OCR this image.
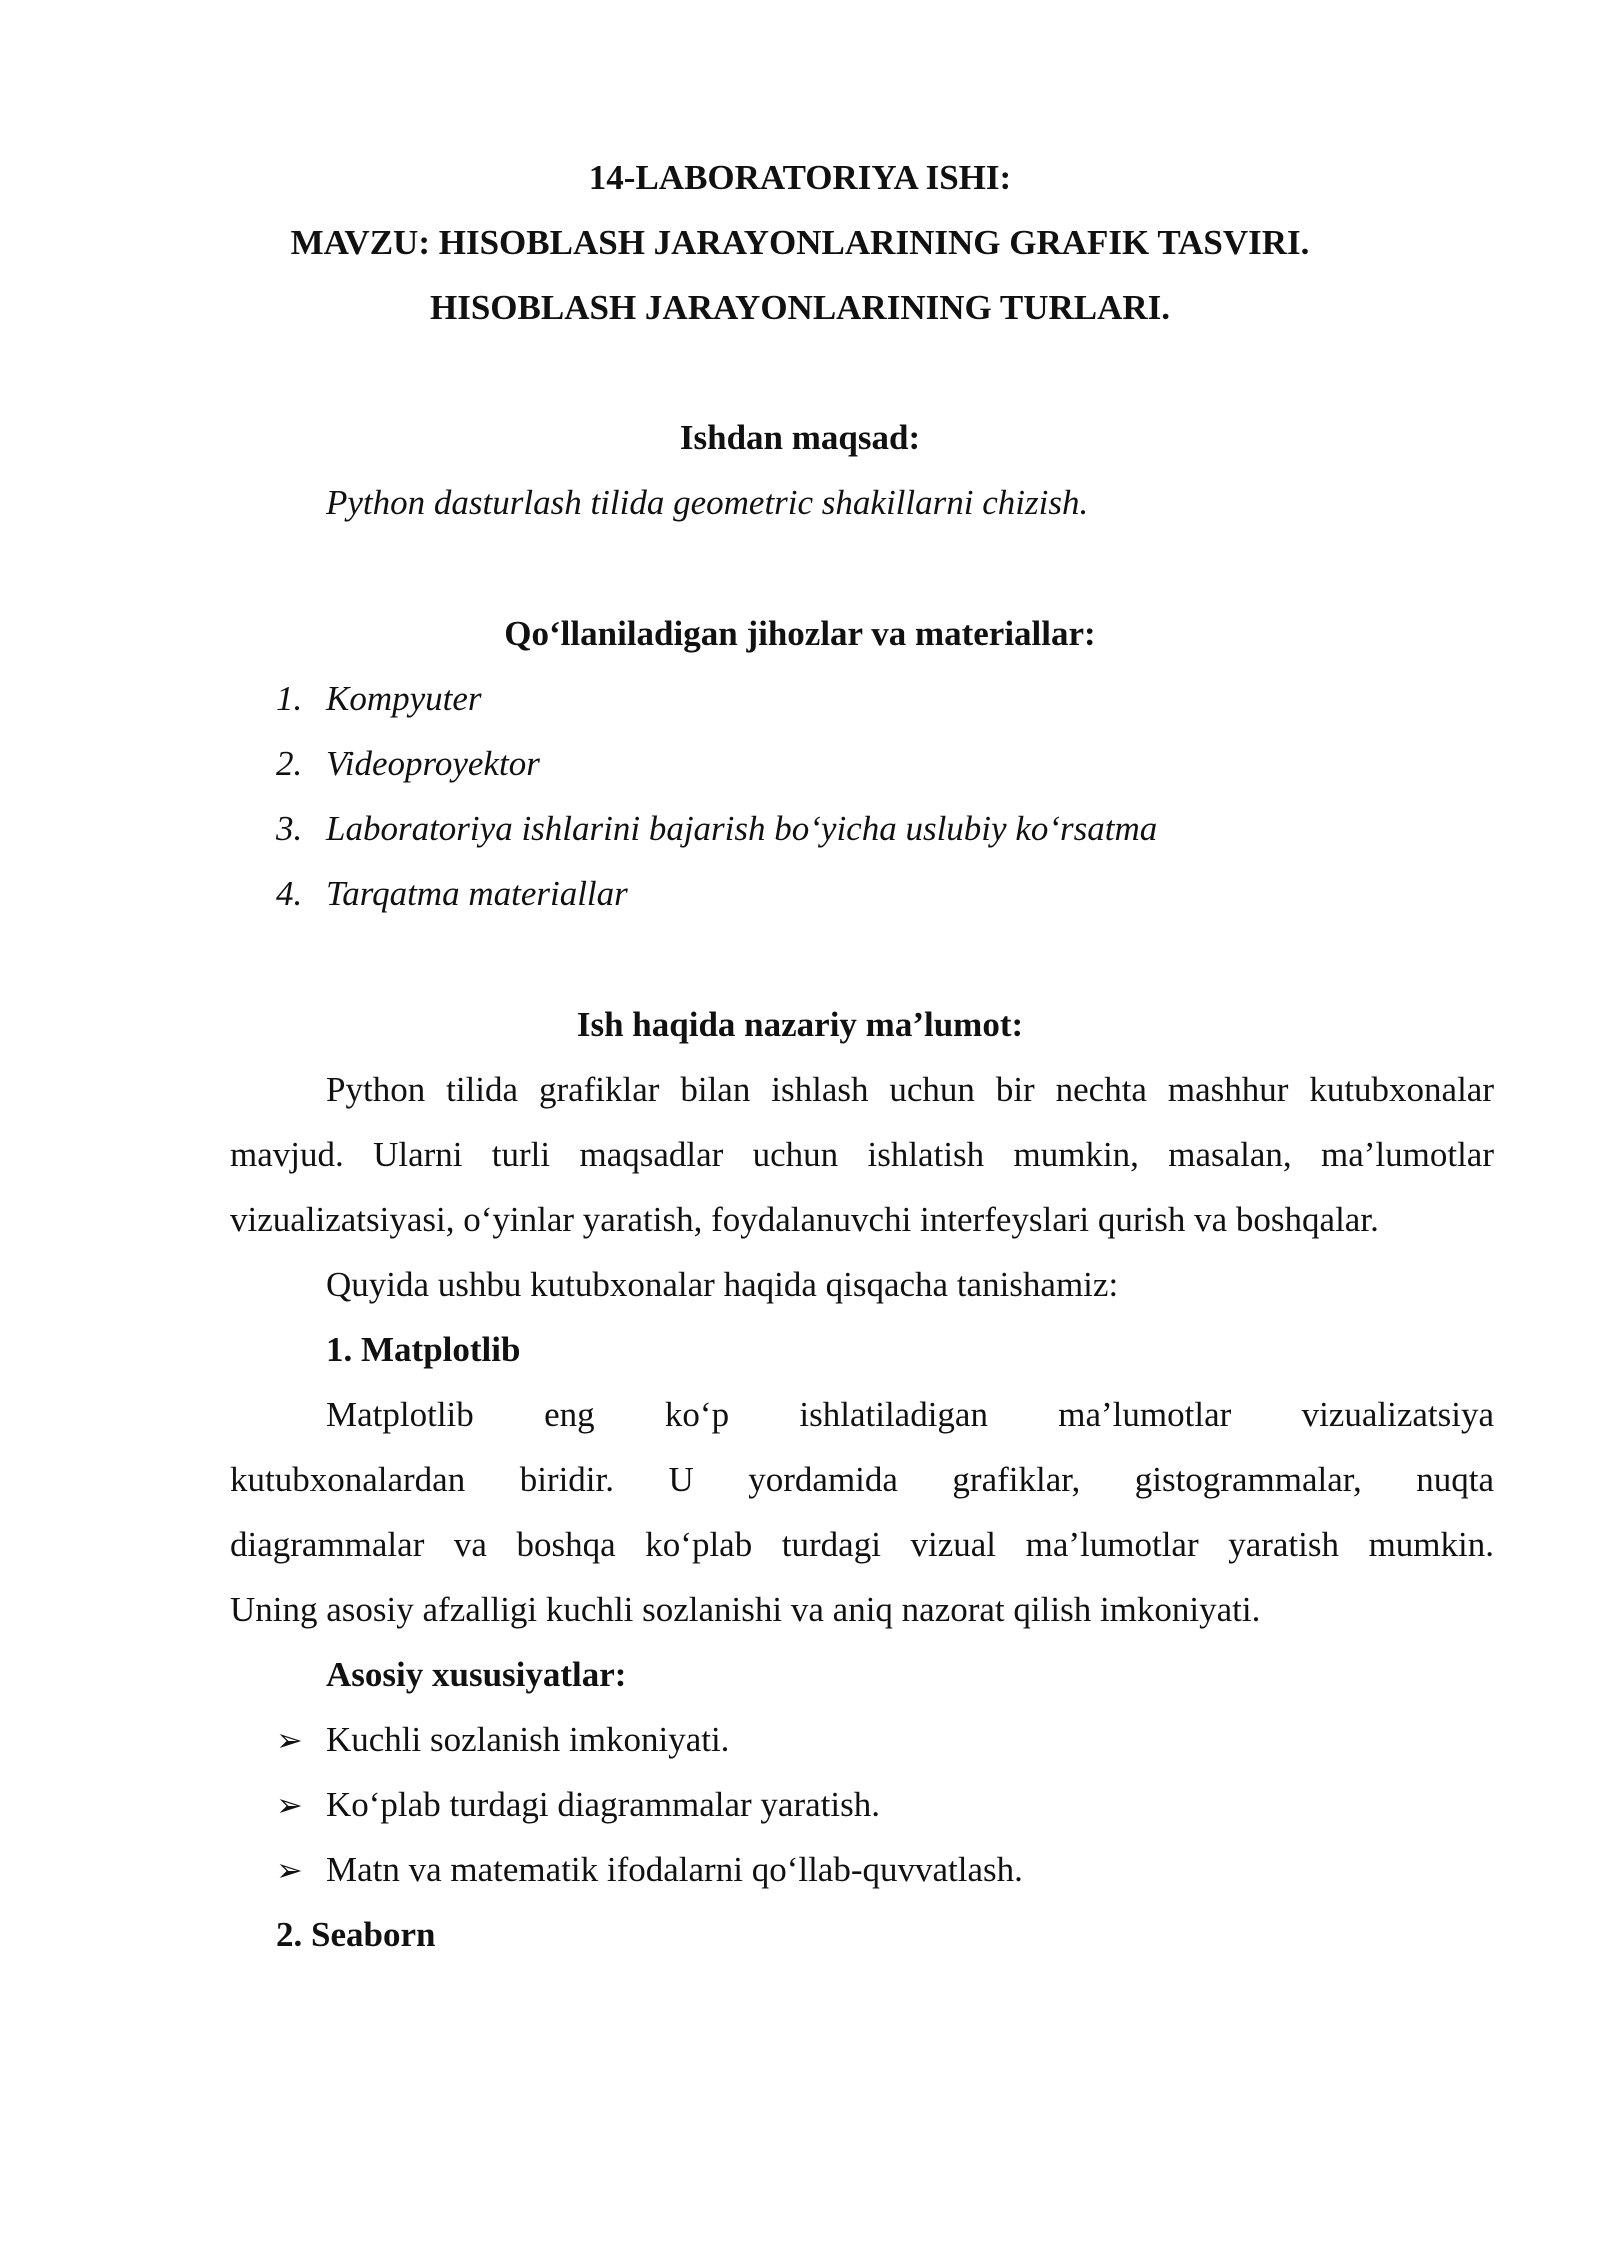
14-LABORATORIYA ISHI:
MAVZU: HISOBLASH JARAYONLARINING GRAFIK TASVIRI.
HISOBLASH JARAYONLARINING TURLARI.
Ishdan maqsad:
Python dasturlash tilida geometric shakillarni chizish.
Qo‘llaniladigan jihozlar va materiallar:
1. Kompyuter
2. Videoproyektor
3. Laboratoriya ishlarini bajarish bo‘yicha uslubiy ko‘rsatma
4. Tarqatma materiallar
Ish haqida nazariy ma’lumot:
Python tilida grafiklar bilan ishlash uchun bir nechta mashhur kutubxonalar
mavjud. Ularni turli maqsadlar uchun ishlatish mumkin, masalan, ma’lumotlar
vizualizatsiyasi, o‘yinlar yaratish, foydalanuvchi interfeyslari qurish va boshqalar.
Quyida ushbu kutubxonalar haqida qisqacha tanishamiz:
1. Matplotlib
Matplotlib eng ko‘p ishlatiladigan ma’lumotlar vizualizatsiya
kutubxonalardan biridir. U yordamida grafiklar, gistogrammalar, nuqta
diagrammalar va boshqa ko‘plab turdagi vizual ma’lumotlar yaratish mumkin.
Uning asosiy afzalligi kuchli sozlanishi va aniq nazorat qilish imkoniyati.
Asosiy xususiyatlar:
➢ Kuchli sozlanish imkoniyati.
➢ Ko‘plab turdagi diagrammalar yaratish.
➢ Matn va matematik ifodalarni qo‘llab-quvvatlash.
2. Seaborn
